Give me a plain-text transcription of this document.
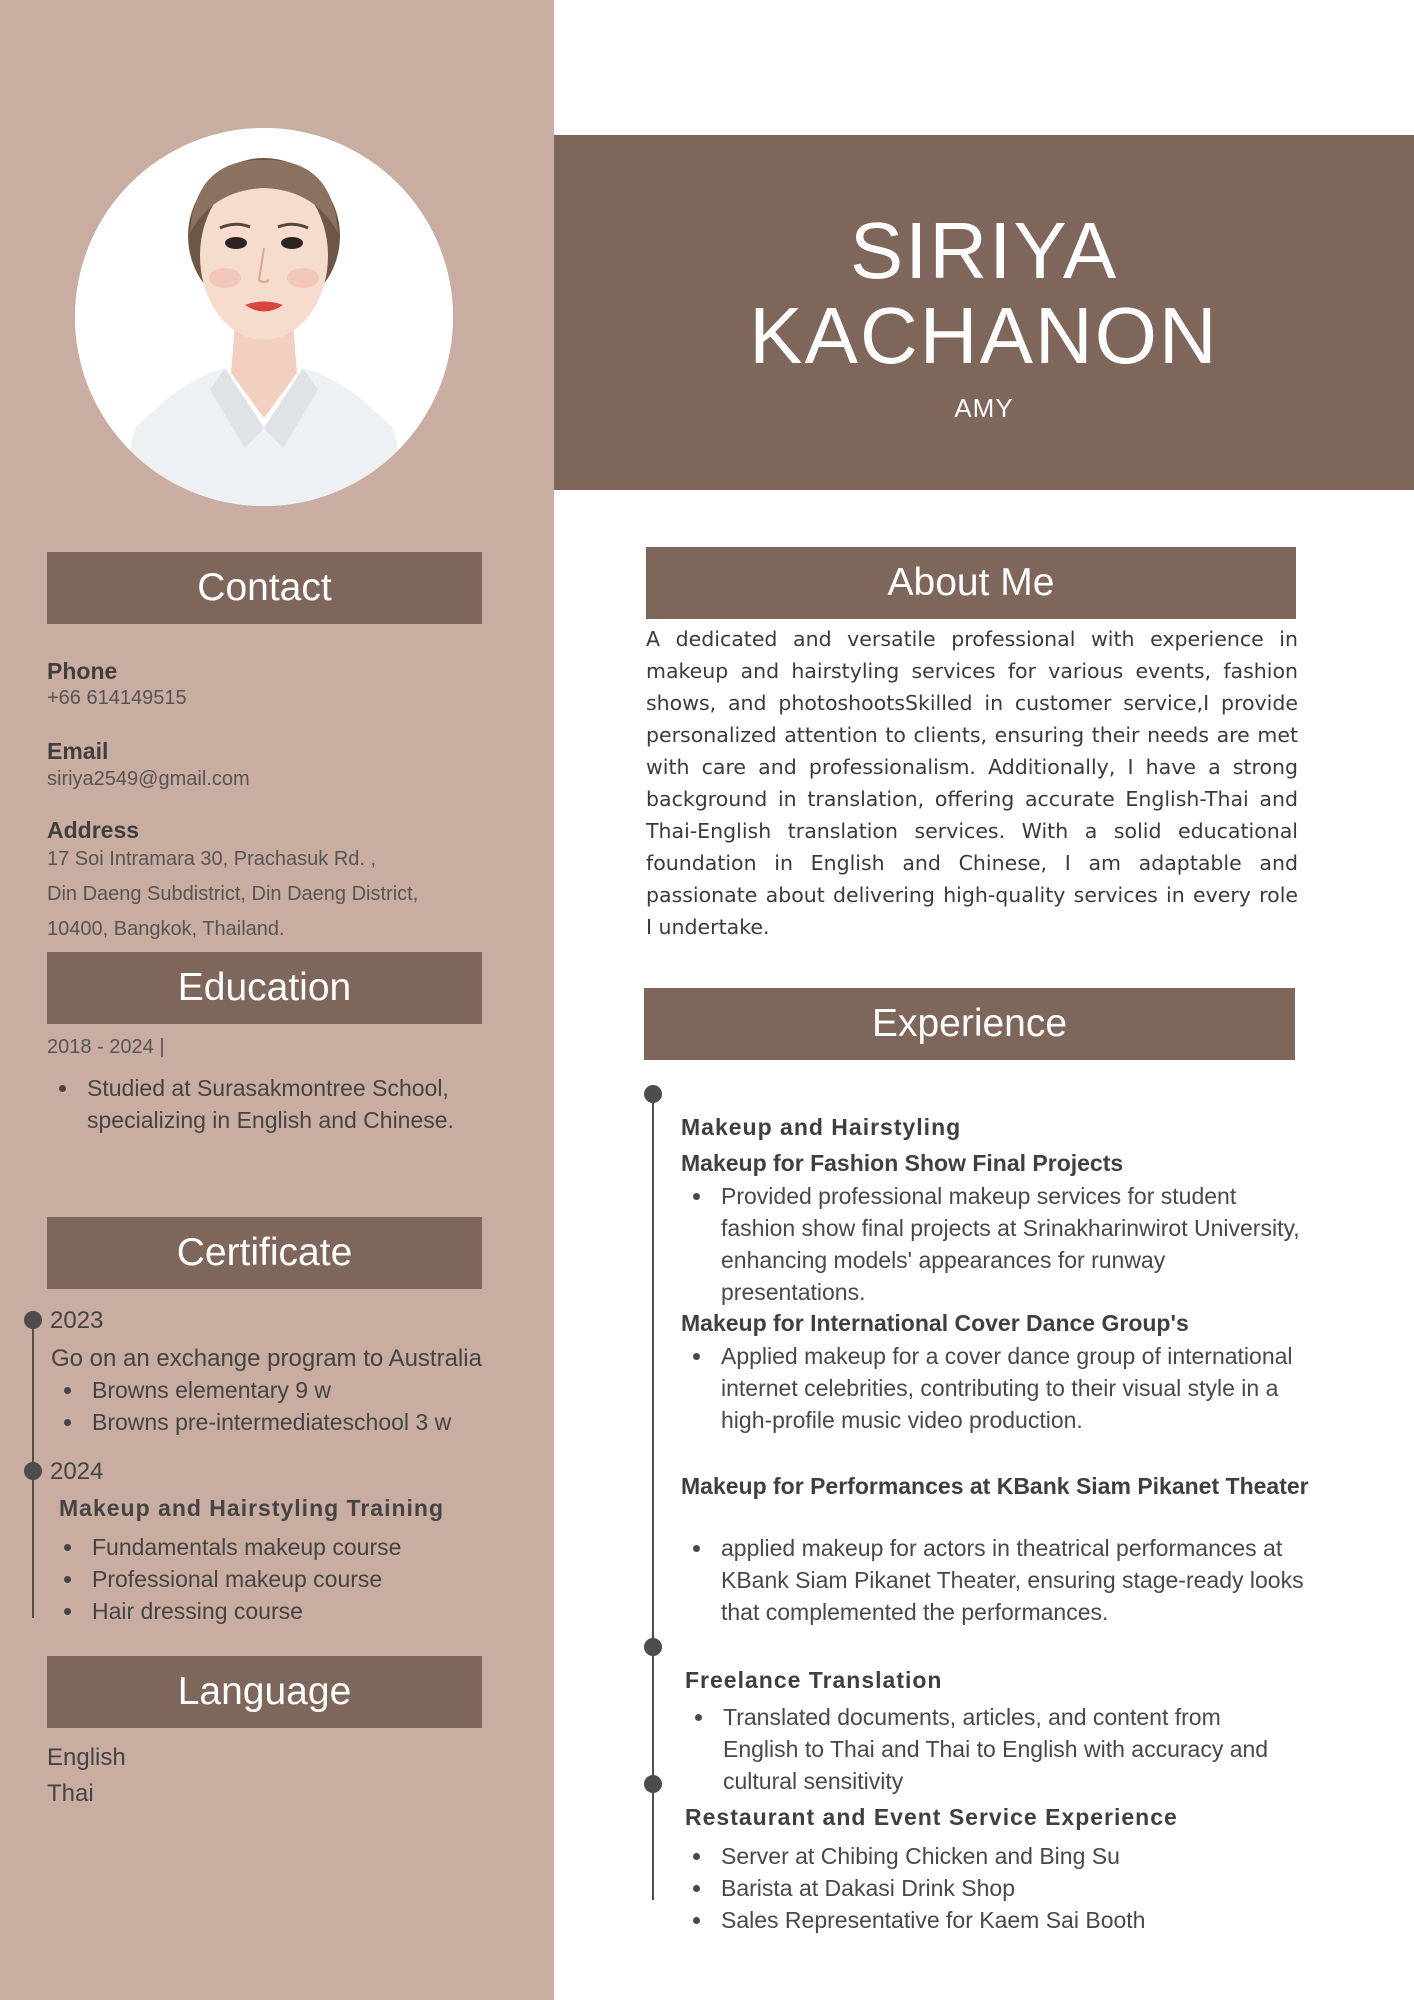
SIRIYA
KACHANON
AMY
Contact
Phone
+66 614149515
Email
siriya2549@gmail.com
Address
17 Soi Intramara 30, Prachasuk Rd. ,
Din Daeng Subdistrict, Din Daeng District,
10400, Bangkok, Thailand.
Education
2018 - 2024 |
Studied at Surasakmontree School, specializing in English and Chinese.
Certificate
2023
Go on an exchange program to Australia
Browns elementary 9 w
Browns pre-intermediateschool 3 w
2024
Makeup and Hairstyling Training
Fundamentals makeup course
Professional makeup course
Hair dressing course
Language
English
Thai
About Me
A dedicated and versatile professional with experience in makeup and hairstyling services for various events, fashion shows, and photoshootsSkilled in customer service,I provide personalized attention to clients, ensuring their needs are met with care and professionalism. Additionally, I have a strong background in translation, offering accurate English-Thai and Thai-English translation services. With a solid educational foundation in English and Chinese, I am adaptable and passionate about delivering high-quality services in every role I undertake.
Experience
Makeup and Hairstyling
Makeup for Fashion Show Final Projects
Provided professional makeup services for student fashion show final projects at Srinakharinwirot University, enhancing models' appearances for runway presentations.
Makeup for International Cover Dance Group's
Applied makeup for a cover dance group of international internet celebrities, contributing to their visual style in a high-profile music video production.
Makeup for Performances at KBank Siam Pikanet Theater
applied makeup for actors in theatrical performances at KBank Siam Pikanet Theater, ensuring stage-ready looks that complemented the performances.
Freelance Translation
Translated documents, articles, and content from English to Thai and Thai to English with accuracy and cultural sensitivity
Restaurant and Event Service Experience
Server at Chibing Chicken and Bing Su
Barista at Dakasi Drink Shop
Sales Representative for Kaem Sai Booth
